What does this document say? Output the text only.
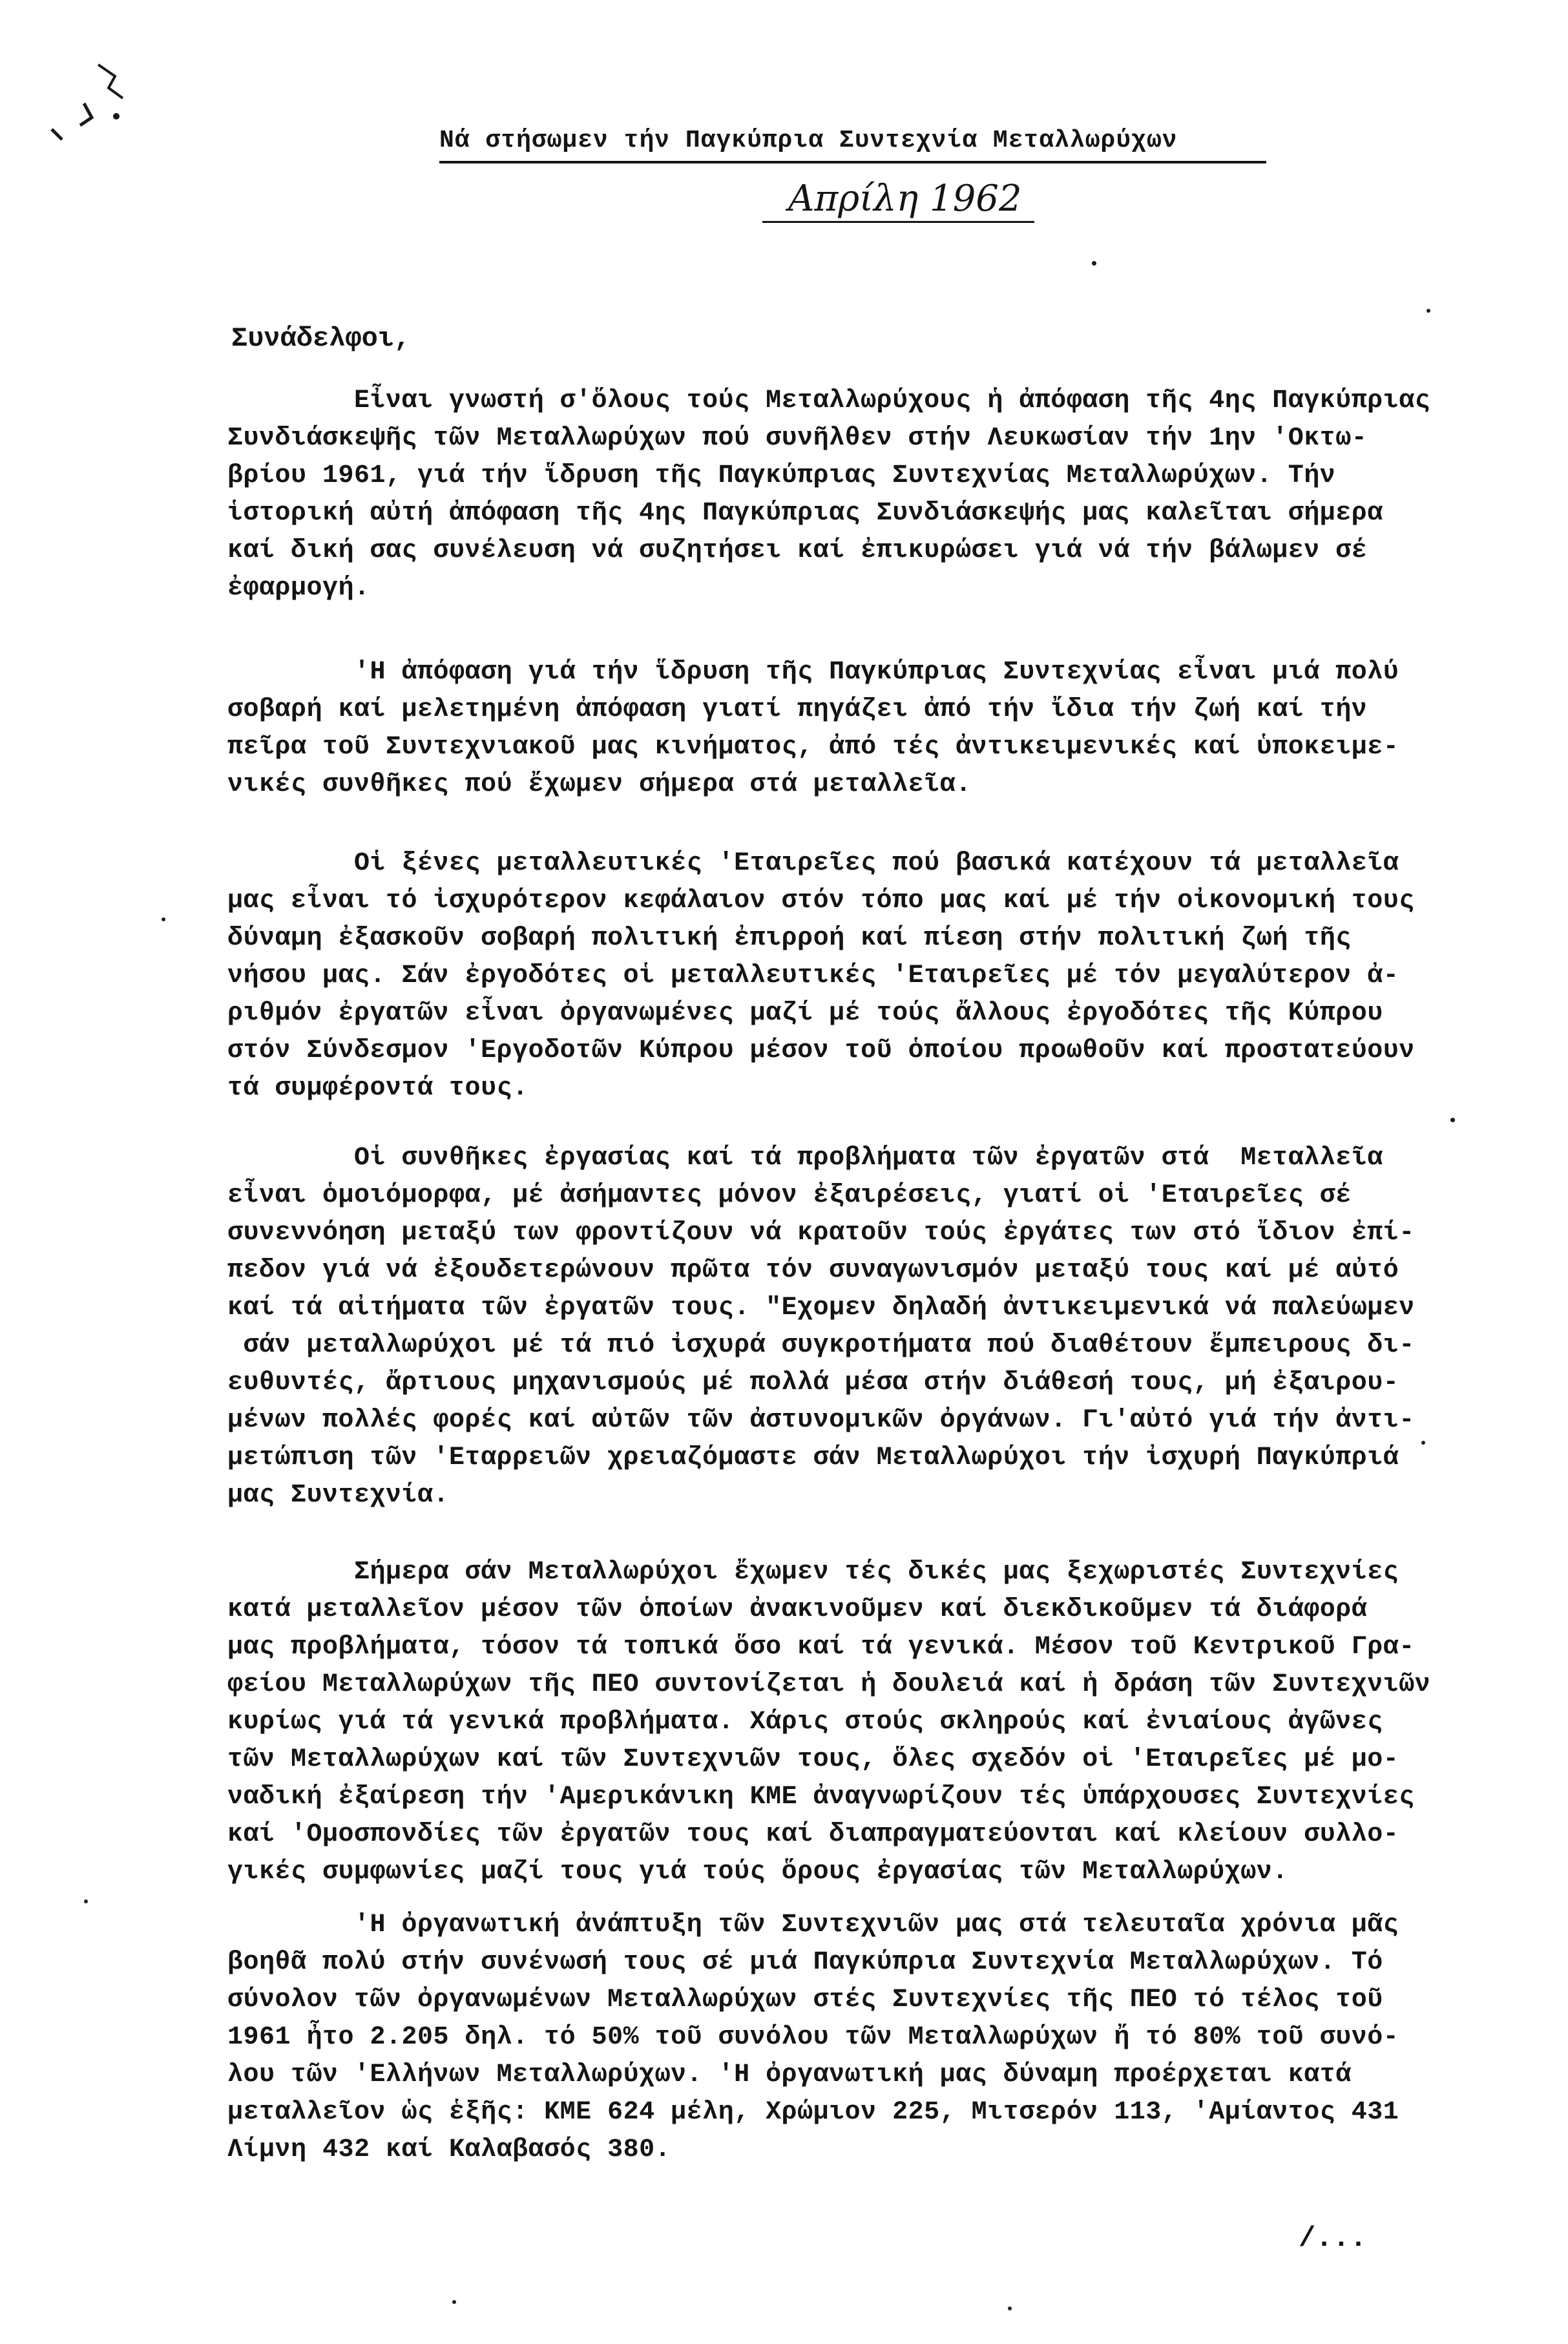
Νά στήσωμεν τήν Παγκύπρια Συντεχνία Μεταλλωρύχων
Απρίλη 1962
Συνάδελφοι,
Εἶναι γνωστή σ'ὅλους τούς Μεταλλωρύχους ἡ ἀπόφαση τῆς 4ης Παγκύπριας
Συνδιάσκεψῆς τῶν Μεταλλωρύχων πού συνῆλθεν στήν Λευκωσίαν τήν 1ην 'Οκτω-
βρίου 1961, γιά τήν ἵδρυση τῆς Παγκύπριας Συντεχνίας Μεταλλωρύχων. Τήν
ἱστορική αὐτή ἀπόφαση τῆς 4ης Παγκύπριας Συνδιάσκεψής μας καλεῖται σήμερα
καί δική σας συνέλευση νά συζητήσει καί ἐπικυρώσει γιά νά τήν βάλωμεν σέ
ἐφαρμογή.
'Η ἀπόφαση γιά τήν ἵδρυση τῆς Παγκύπριας Συντεχνίας εἶναι μιά πολύ
σοβαρή καί μελετημένη ἀπόφαση γιατί πηγάζει ἀπό τήν ἴδια τήν ζωή καί τήν
πεῖρα τοῦ Συντεχνιακοῦ μας κινήματος, ἀπό τές ἀντικειμενικές καί ὑποκειμε-
νικές συνθῆκες πού ἔχωμεν σήμερα στά μεταλλεῖα.
Οἱ ξένες μεταλλευτικές 'Εταιρεῖες πού βασικά κατέχουν τά μεταλλεῖα
μας εἶναι τό ἰσχυρότερον κεφάλαιον στόν τόπο μας καί μέ τήν οἰκονομική τους
δύναμη ἐξασκοῦν σοβαρή πολιτική ἐπιρροή καί πίεση στήν πολιτική ζωή τῆς
νήσου μας. Σάν ἐργοδότες οἱ μεταλλευτικές 'Εταιρεῖες μέ τόν μεγαλύτερον ἀ-
ριθμόν ἐργατῶν εἶναι ὀργανωμένες μαζί μέ τούς ἄλλους ἐργοδότες τῆς Κύπρου
στόν Σύνδεσμον 'Εργοδοτῶν Κύπρου μέσον τοῦ ὁποίου προωθοῦν καί προστατεύουν
τά συμφέροντά τους.
Οἱ συνθῆκες ἐργασίας καί τά προβλήματα τῶν ἐργατῶν στά  Μεταλλεῖα
εἶναι ὁμοιόμορφα, μέ ἀσήμαντες μόνον ἐξαιρέσεις, γιατί οἱ 'Εταιρεῖες σέ
συνεννόηση μεταξύ των φροντίζουν νά κρατοῦν τούς ἐργάτες των στό ἴδιον ἐπί-
πεδον γιά νά ἐξουδετερώνουν πρῶτα τόν συναγωνισμόν μεταξύ τους καί μέ αὐτό
καί τά αἰτήματα τῶν ἐργατῶν τους. "Εχομεν δηλαδή ἀντικειμενικά νά παλεύωμεν
σάν μεταλλωρύχοι μέ τά πιό ἰσχυρά συγκροτήματα πού διαθέτουν ἔμπειρους δι-
ευθυντές, ἄρτιους μηχανισμούς μέ πολλά μέσα στήν διάθεσή τους, μή ἐξαιρου-
μένων πολλές φορές καί αὐτῶν τῶν ἀστυνομικῶν ὀργάνων. Γι'αὐτό γιά τήν ἀντι-
μετώπιση τῶν 'Εταρρειῶν χρειαζόμαστε σάν Μεταλλωρύχοι τήν ἰσχυρή Παγκύπριά
μας Συντεχνία.
Σήμερα σάν Μεταλλωρύχοι ἔχωμεν τές δικές μας ξεχωριστές Συντεχνίες
κατά μεταλλεῖον μέσον τῶν ὁποίων ἀνακινοῦμεν καί διεκδικοῦμεν τά διάφορά
μας προβλήματα, τόσον τά τοπικά ὅσο καί τά γενικά. Μέσον τοῦ Κεντρικοῦ Γρα-
φείου Μεταλλωρύχων τῆς ΠΕΟ συντονίζεται ἡ δουλειά καί ἡ δράση τῶν Συντεχνιῶν
κυρίως γιά τά γενικά προβλήματα. Χάρις στούς σκληρούς καί ἐνιαίους ἀγῶνες
τῶν Μεταλλωρύχων καί τῶν Συντεχνιῶν τους, ὅλες σχεδόν οἱ 'Εταιρεῖες μέ μο-
ναδική ἐξαίρεση τήν 'Αμερικάνικη ΚΜΕ ἀναγνωρίζουν τές ὑπάρχουσες Συντεχνίες
καί 'Ομοσπονδίες τῶν ἐργατῶν τους καί διαπραγματεύονται καί κλείουν συλλο-
γικές συμφωνίες μαζί τους γιά τούς ὅρους ἐργασίας τῶν Μεταλλωρύχων.
'Η ὀργανωτική ἀνάπτυξη τῶν Συντεχνιῶν μας στά τελευταῖα χρόνια μᾶς
βοηθᾶ πολύ στήν συνένωσή τους σέ μιά Παγκύπρια Συντεχνία Μεταλλωρύχων. Τό
σύνολον τῶν ὀργανωμένων Μεταλλωρύχων στές Συντεχνίες τῆς ΠΕΟ τό τέλος τοῦ
1961 ἦτο 2.205 δηλ. τό 50% τοῦ συνόλου τῶν Μεταλλωρύχων ἤ τό 80% τοῦ συνό-
λου τῶν 'Ελλήνων Μεταλλωρύχων. 'Η ὀργανωτική μας δύναμη προέρχεται κατά
μεταλλεῖον ὡς ἑξῆς: ΚΜΕ 624 μέλη, Χρώμιον 225, Μιτσερόν 113, 'Αμίαντος 431
Λίμνη 432 καί Καλαβασός 380.
/...
